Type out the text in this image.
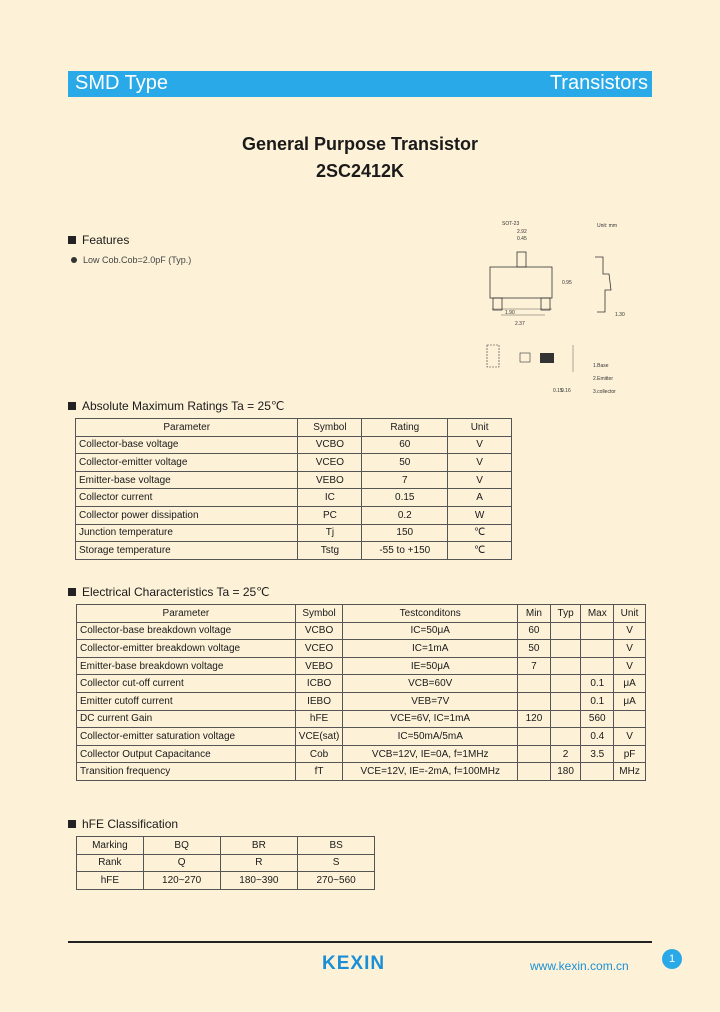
SMD Type	Transistors
General Purpose Transistor
2SC2412K
Features
Low Cob.Cob=2.0pF (Typ.)
SOT-23	Unit: mm
2.92
0.45
1.90
2.37
0.95
1.30
0.15
0.16
1.Base
2.Emitter
3.collector
Absolute Maximum Ratings Ta = 25℃
Parameter	Symbol	Rating	Unit
Collector-base voltage	VCBO	60	V
Collector-emitter voltage	VCEO	50	V
Emitter-base voltage	VEBO	7	V
Collector current	IC	0.15	A
Collector power dissipation	PC	0.2	W
Junction temperature	Tj	150	℃
Storage temperature	Tstg	-55 to +150	℃
Electrical Characteristics Ta = 25℃
Parameter	Symbol	Testconditons	Min	Typ	Max	Unit
Collector-base breakdown voltage	VCBO	IC=50μA	60			V
Collector-emitter breakdown voltage	VCEO	IC=1mA	50			V
Emitter-base breakdown voltage	VEBO	IE=50μA	7			V
Collector cut-off current	ICBO	VCB=60V			0.1	μA
Emitter cutoff current	IEBO	VEB=7V			0.1	μA
DC current Gain	hFE	VCE=6V, IC=1mA	120		560	
Collector-emitter saturation voltage	VCE(sat)	IC=50mA/5mA			0.4	V
Collector Output Capacitance	Cob	VCB=12V, IE=0A, f=1MHz		2	3.5	pF
Transition frequency	fT	VCE=12V, IE=-2mA, f=100MHz		180		MHz
hFE Classification
Marking	BQ	BR	BS
Rank	Q	R	S
hFE	120~270	180~390	270~560
KEXIN	www.kexin.com.cn	1
